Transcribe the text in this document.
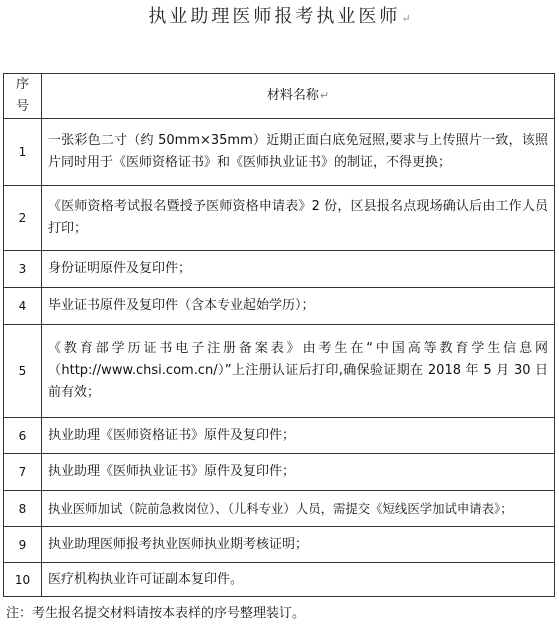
执业助理医师报考执业医师↵
序号	材料名称↵
1	一张彩色二寸（约 50mm×35mm）近期正面白底免冠照,要求与上传照片一致，该照片同时用于《医师资格证书》和《医师执业证书》的制证，不得更换；
2	《医师资格考试报名暨授予医师资格申请表》2 份，区县报名点现场确认后由工作人员打印；
3	身份证明原件及复印件；
4	毕业证书原件及复印件（含本专业起始学历）；
5	《教育部学历证书电子注册备案表》由考生在“中国高等教育学生信息网（http://www.chsi.com.cn/）”上注册认证后打印,确保验证期在 2018 年 5 月 30 日前有效；
6	执业助理《医师资格证书》原件及复印件；
7	执业助理《医师执业证书》原件及复印件；
8	执业医师加试（院前急救岗位）、（儿科专业）人员，需提交《短线医学加试申请表》；
9	执业助理医师报考执业医师执业期考核证明；
10	医疗机构执业许可证副本复印件。
注：考生报名提交材料请按本表样的序号整理装订。
